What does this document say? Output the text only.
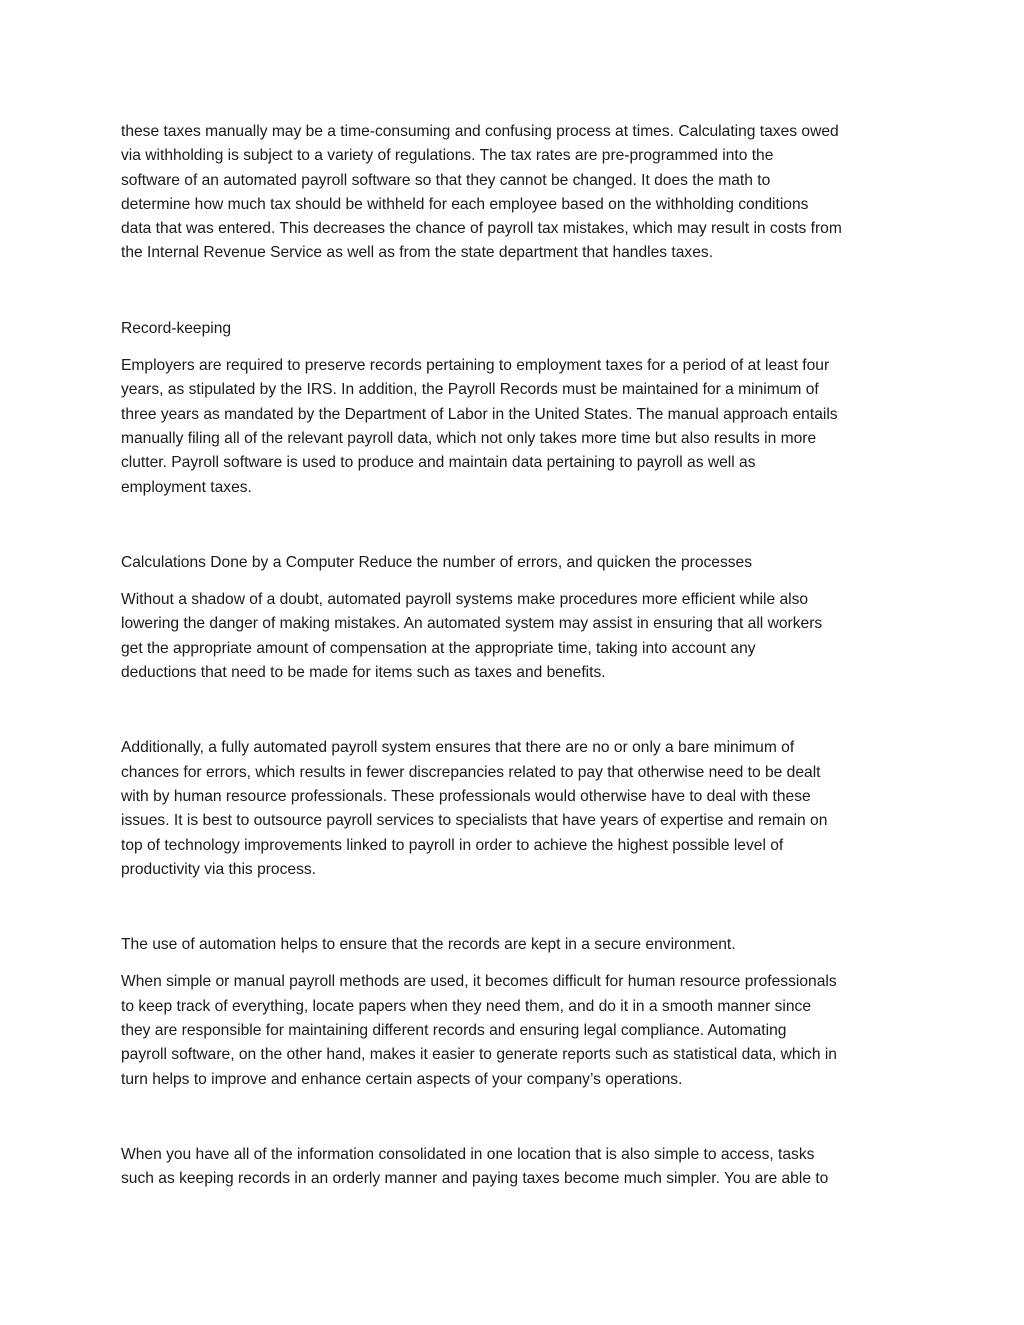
these taxes manually may be a time-consuming and confusing process at times. Calculating taxes owed
via withholding is subject to a variety of regulations. The tax rates are pre-programmed into the
software of an automated payroll software so that they cannot be changed. It does the math to
determine how much tax should be withheld for each employee based on the withholding conditions
data that was entered. This decreases the chance of payroll tax mistakes, which may result in costs from
the Internal Revenue Service as well as from the state department that handles taxes.

Record-keeping

Employers are required to preserve records pertaining to employment taxes for a period of at least four
years, as stipulated by the IRS. In addition, the Payroll Records must be maintained for a minimum of
three years as mandated by the Department of Labor in the United States. The manual approach entails
manually filing all of the relevant payroll data, which not only takes more time but also results in more
clutter. Payroll software is used to produce and maintain data pertaining to payroll as well as
employment taxes.

Calculations Done by a Computer Reduce the number of errors, and quicken the processes

Without a shadow of a doubt, automated payroll systems make procedures more efficient while also
lowering the danger of making mistakes. An automated system may assist in ensuring that all workers
get the appropriate amount of compensation at the appropriate time, taking into account any
deductions that need to be made for items such as taxes and benefits.

Additionally, a fully automated payroll system ensures that there are no or only a bare minimum of
chances for errors, which results in fewer discrepancies related to pay that otherwise need to be dealt
with by human resource professionals. These professionals would otherwise have to deal with these
issues. It is best to outsource payroll services to specialists that have years of expertise and remain on
top of technology improvements linked to payroll in order to achieve the highest possible level of
productivity via this process.

The use of automation helps to ensure that the records are kept in a secure environment.

When simple or manual payroll methods are used, it becomes difficult for human resource professionals
to keep track of everything, locate papers when they need them, and do it in a smooth manner since
they are responsible for maintaining different records and ensuring legal compliance. Automating
payroll software, on the other hand, makes it easier to generate reports such as statistical data, which in
turn helps to improve and enhance certain aspects of your company’s operations.

When you have all of the information consolidated in one location that is also simple to access, tasks
such as keeping records in an orderly manner and paying taxes become much simpler. You are able to
